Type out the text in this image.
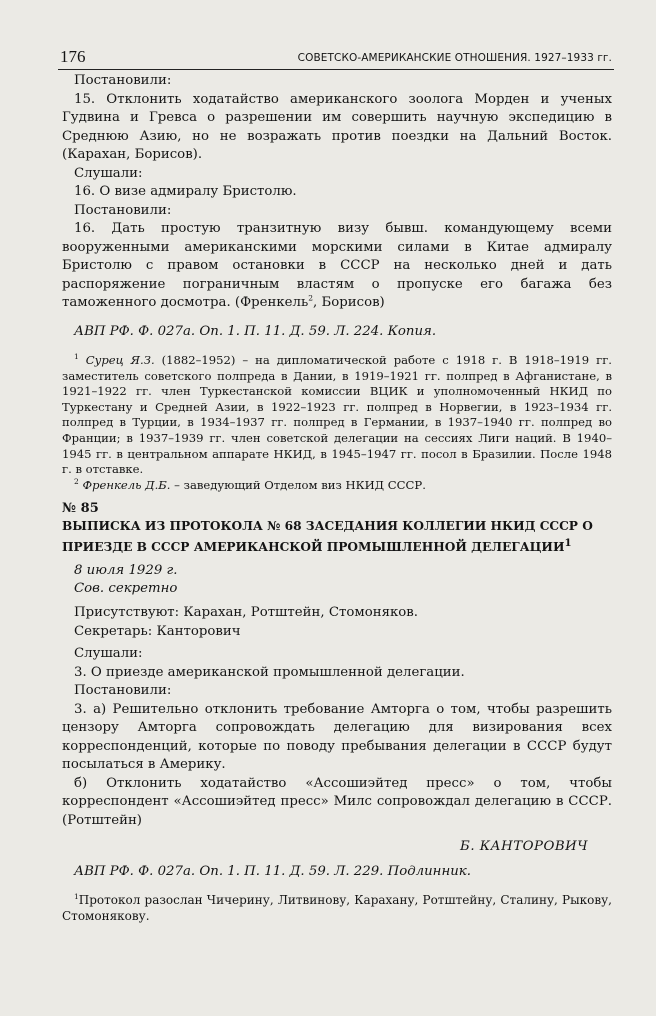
176	СОВЕТСКО-АМЕРИКАНСКИЕ ОТНОШЕНИЯ. 1927–1933 гг.

Постановили:

15. Отклонить ходатайство американского зоолога Морден и ученых Гудвина и Гревса о разрешении им совершить научную экспедицию в Среднюю Азию, но не возражать против поездки на Дальний Восток. (Карахан, Борисов).

Слушали:

16. О визе адмиралу Бристолю.

Постановили:

16. Дать простую транзитную визу бывш. командующему всеми вооруженными американскими морскими силами в Китае адмиралу Бристолю с правом остановки в СССР на несколько дней и дать распоряжение пограничным властям о пропуске его багажа без таможенного досмотра. (Френкель$^2$, Борисов)

АВП РФ. Ф. 027а. Оп. 1. П. 11. Д. 59. Л. 224. Копия.

$^1$ Сурец Я.З. (1882–1952) – на дипломатической работе с 1918 г. В 1918–1919 гг. заместитель советского полпреда в Дании, в 1919–1921 гг. полпред в Афганистане, в 1921–1922 гг. член Туркестанской комиссии ВЦИК и уполномоченный НКИД по Туркестану и Средней Азии, в 1922–1923 гг. полпред в Норвегии, в 1923–1934 гг. полпред в Турции, в 1934–1937 гг. полпред в Германии, в 1937–1940 гг. полпред во Франции; в 1937–1939 гг. член советской делегации на сессиях Лиги наций. В 1940–1945 гг. в центральном аппарате НКИД, в 1945–1947 гг. посол в Бразилии. После 1948 г. в отставке.

$^2$ Френкель Д.Б. – заведующий Отделом виз НКИД СССР.

№ 85

ВЫПИСКА ИЗ ПРОТОКОЛА № 68 ЗАСЕДАНИЯ КОЛЛЕГИИ НКИД СССР О ПРИЕЗДЕ В СССР АМЕРИКАНСКОЙ ПРОМЫШЛЕННОЙ ДЕЛЕГАЦИИ$^1$

8 июля 1929 г.

Сов. секретно

Присутствуют: Карахан, Ротштейн, Стомоняков.

Секретарь: Канторович

Слушали:

3. О приезде американской промышленной делегации.

Постановили:

3. а) Решительно отклонить требование Амторга о том, чтобы разрешить цензору Амторга сопровождать делегацию для визирования всех корреспонденций, которые по поводу пребывания делегации в СССР будут посылаться в Америку.

б) Отклонить ходатайство «Ассошиэйтед пресс» о том, чтобы корреспондент «Ассошиэйтед пресс» Милс сопровождал делегацию в СССР. (Ротштейн)

Б. КАНТОРОВИЧ

АВП РФ. Ф. 027а. Оп. 1. П. 11. Д. 59. Л. 229. Подлинник.

$^1$Протокол разослан Чичерину, Литвинову, Карахану, Ротштейну, Сталину, Рыкову, Стомонякову.
